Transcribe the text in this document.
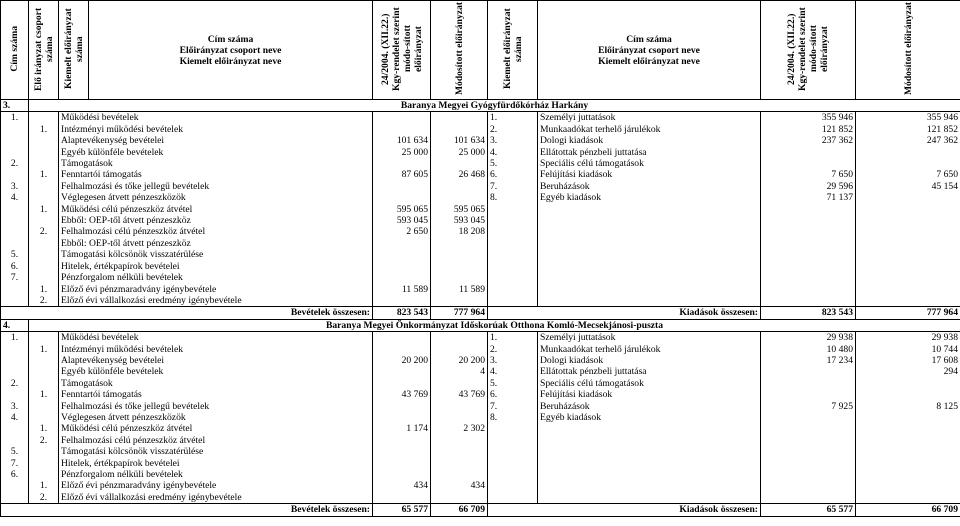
Cím száma	Elő irányzat csoport száma	Kiemelt előirányzat száma	Cím száma
Előirányzat csoport neve
Kiemelt előirányzat neve	24/2004. (XII.22.) Kgy-rendelet szerint módo-sított előirányzat	Módosított előirányzat	Kiemelt előirányzat száma	Cím száma
Előirányzat csoport neve
Kiemelt előirányzat neve	24/2004. (XII.22.) Kgy-rendelet szerint módo-sított előirányzat	Módosított előirányzat
3.	Baranya Megyei Gyógyfürdőkórház Harkány								
1.		Működési bevételek				1.	Személyi juttatások	355 946	355 946
	1.	Intézményi működési bevételek				2.	Munkaadókat terhelő járulékok	121 852	121 852
		Alaptevékenység bevételei		101 634	101 634	3.	Dologi kiadások	237 362	247 362
		Egyéb különféle bevételek		25 000	25 000	4.	Ellátottak pénzbeli juttatása		
2.		Támogatások				5.	Speciális célú támogatások		
	1.	Fenntartói támogatás		87 605	26 468	6.	Felújítási kiadások	7 650	7 650
3.		Felhalmozási és tőke jellegű bevételek				7.	Beruházások	29 596	45 154
4.		Véglegesen átvett pénzeszközök				8.	Egyéb kiadások	71 137	
	1.	Működési célú pénzeszköz átvétel		595 065	595 065				
		Ebből: OEP-től átvett pénzeszköz		593 045	593 045				
	2.	Felhalmozási célú pénzeszköz átvétel		2 650	18 208				
		Ebből: OEP-től átvett pénzeszköz							
5.		Támogatási kölcsönök visszatérülése							
6.		Hitelek, értékpapírok bevételei							
7.		Pénzforgalom nélküli bevételek							
	1.	Előző évi pénzmaradvány igénybevétele		11 589	11 589				
	2.	Előző évi vállalkozási eredmény igénybevétele							
Bevételek összesen:				823 543	777 964	Kiadások összesen:		823 543	777 964
4.	Baranya Megyei Önkormányzat Időskorúak Otthona Komló-Mecsekjánosi-puszta								
1.		Működési bevételek				1.	Személyi juttatások	29 938	29 938
	1.	Intézményi működési bevételek				2.	Munkaadókat terhelő járulékok	10 480	10 744
		Alaptevékenység bevételei		20 200	20 200	3.	Dologi kiadások	17 234	17 608
		Egyéb különféle bevételek			4	4.	Ellátottak pénzbeli juttatása		294
2.		Támogatások				5.	Speciális célú támogatások		
	1.	Fenntartói támogatás		43 769	43 769	6.	Felújítási kiadások		
3.		Felhalmozási és tőke jellegű bevételek				7.	Beruházások	7 925	8 125
4.		Véglegesen átvett pénzeszközök				8.	Egyéb kiadások		
	1.	Működési célú pénzeszköz átvétel		1 174	2 302				
	2.	Felhalmozási célú pénzeszköz átvétel							
5.		Támogatási kölcsönök visszatérülése							
7.		Hitelek, értékpapírok bevételei							
6.		Pénzforgalom nélküli bevételek							
	1.	Előző évi pénzmaradvány igénybevétele		434	434				
	2.	Előző évi vállalkozási eredmény igénybevétele							
Bevételek összesen:				65 577	66 709	Kiadások összesen:		65 577	66 709
